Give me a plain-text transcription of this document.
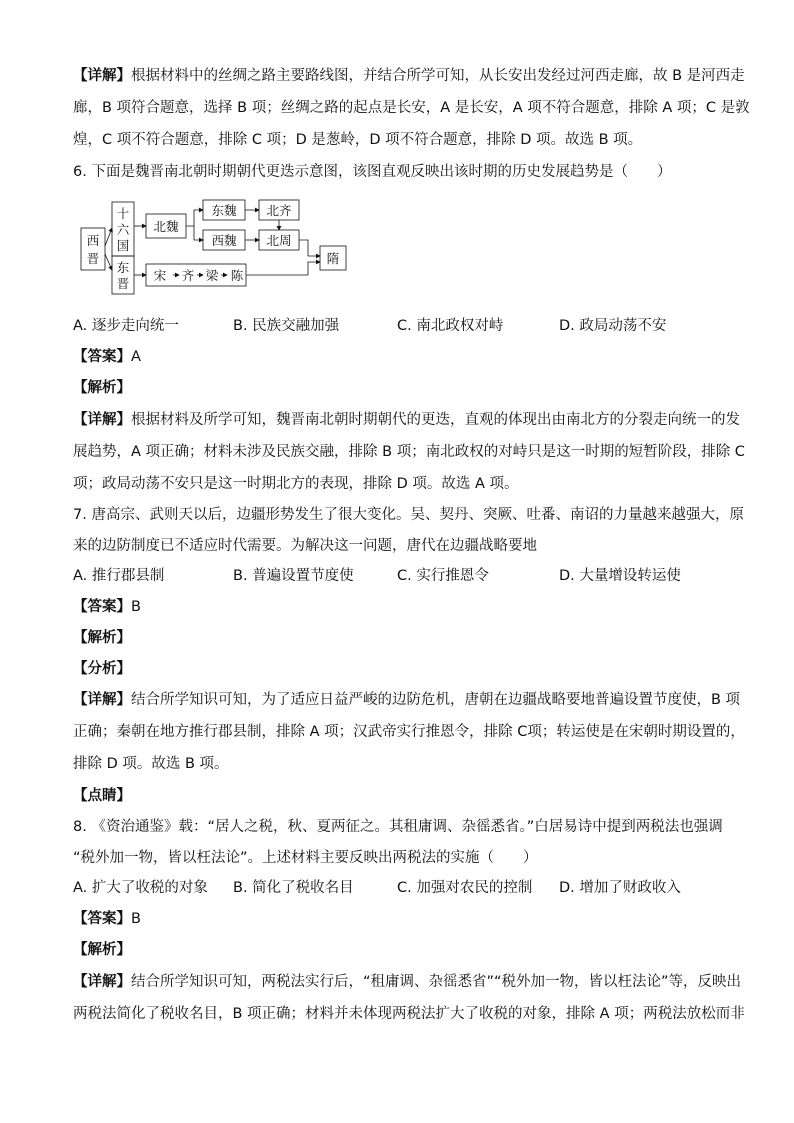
【详解】根据材料中的丝绸之路主要路线图，并结合所学可知，从长安出发经过河西走廊，故 B 是河西走
廊，B 项符合题意，选择 B 项；丝绸之路的起点是长安，A 是长安，A 项不符合题意，排除 A 项；C 是敦
煌，C 项不符合题意，排除 C 项；D 是葱岭，D 项不符合题意，排除 D 项。故选 B 项。
6. 下面是魏晋南北朝时期朝代更迭示意图，该图直观反映出该时期的历史发展趋势是（　　）
西
晋
十
六
国
东
晋
北魏
东魏
西魏
北齐
北周
宋 齐 梁 陈
隋
A. 逐步走向统一	B. 民族交融加强	C. 南北政权对峙	D. 政局动荡不安
【答案】A
【解析】
【详解】根据材料及所学可知，魏晋南北朝时期朝代的更迭，直观的体现出由南北方的分裂走向统一的发
展趋势，A 项正确；材料未涉及民族交融，排除 B 项；南北政权的对峙只是这一时期的短暂阶段，排除 C
项；政局动荡不安只是这一时期北方的表现，排除 D 项。故选 A 项。
7. 唐高宗、武则天以后，边疆形势发生了很大变化。吴、契丹、突厥、吐番、南诏的力量越来越强大，原
来的边防制度已不适应时代需要。为解决这一问题，唐代在边疆战略要地
A. 推行郡县制	B. 普遍设置节度使	C. 实行推恩令	D. 大量增设转运使
【答案】B
【解析】
【分析】
【详解】结合所学知识可知，为了适应日益严峻的边防危机，唐朝在边疆战略要地普遍设置节度使，B 项
正确；秦朝在地方推行郡县制，排除 A 项；汉武帝实行推恩令，排除 C项；转运使是在宋朝时期设置的，
排除 D 项。故选 B 项。
【点睛】
8. 《资治通鉴》载：“居人之税，秋、夏两征之。其租庸调、杂徭悉省。”白居易诗中提到两税法也强调
“税外加一物，皆以枉法论”。上述材料主要反映出两税法的实施（　　）
A. 扩大了收税的对象 B. 简化了税收名目	C. 加强对农民的控制 D. 增加了财政收入
【答案】B
【解析】
【详解】结合所学知识可知，两税法实行后，“租庸调、杂徭悉省”“税外加一物，皆以枉法论”等，反映出
两税法简化了税收名目，B 项正确；材料并未体现两税法扩大了收税的对象，排除 A 项；两税法放松而非
